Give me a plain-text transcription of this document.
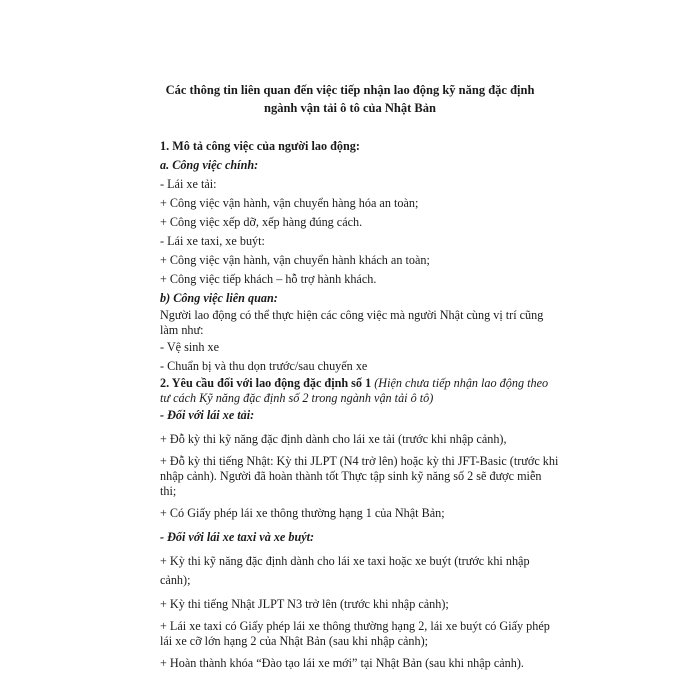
Các thông tin liên quan đến việc tiếp nhận lao động kỹ năng đặc định
ngành vận tải ô tô của Nhật Bản

1. Mô tả công việc của người lao động:

a. Công việc chính:

- Lái xe tải:

+ Công việc vận hành, vận chuyển hàng hóa an toàn;

+ Công việc xếp dỡ, xếp hàng đúng cách.

- Lái xe taxi, xe buýt:

+ Công việc vận hành, vận chuyển hành khách an toàn;

+ Công việc tiếp khách – hỗ trợ hành khách.

b) Công việc liên quan:

Người lao động có thể thực hiện các công việc mà người Nhật cùng vị trí cũng làm như:

- Vệ sinh xe

- Chuẩn bị và thu dọn trước/sau chuyến xe

2. Yêu cầu đối với lao động đặc định số 1 (Hiện chưa tiếp nhận lao động theo tư cách Kỹ năng đặc định số 2 trong ngành vận tải ô tô)

- Đối với lái xe tải:

+ Đỗ kỳ thi kỹ năng đặc định dành cho lái xe tải (trước khi nhập cảnh),

+ Đỗ kỳ thi tiếng Nhật: Kỳ thi JLPT (N4 trở lên) hoặc kỳ thi JFT-Basic (trước khi nhập cảnh). Người đã hoàn thành tốt Thực tập sinh kỹ năng số 2 sẽ được miễn thi;

+ Có Giấy phép lái xe thông thường hạng 1 của Nhật Bản;

- Đối với lái xe taxi và xe buýt:

+ Kỳ thi kỹ năng đặc định dành cho lái xe taxi hoặc xe buýt (trước khi nhập cảnh);

+ Kỳ thi tiếng Nhật JLPT N3 trở lên (trước khi nhập cảnh);

+ Lái xe taxi có Giấy phép lái xe thông thường hạng 2, lái xe buýt có Giấy phép lái xe cỡ lớn hạng 2 của Nhật Bản (sau khi nhập cảnh);

+ Hoàn thành khóa “Đào tạo lái xe mới” tại Nhật Bản (sau khi nhập cảnh).
